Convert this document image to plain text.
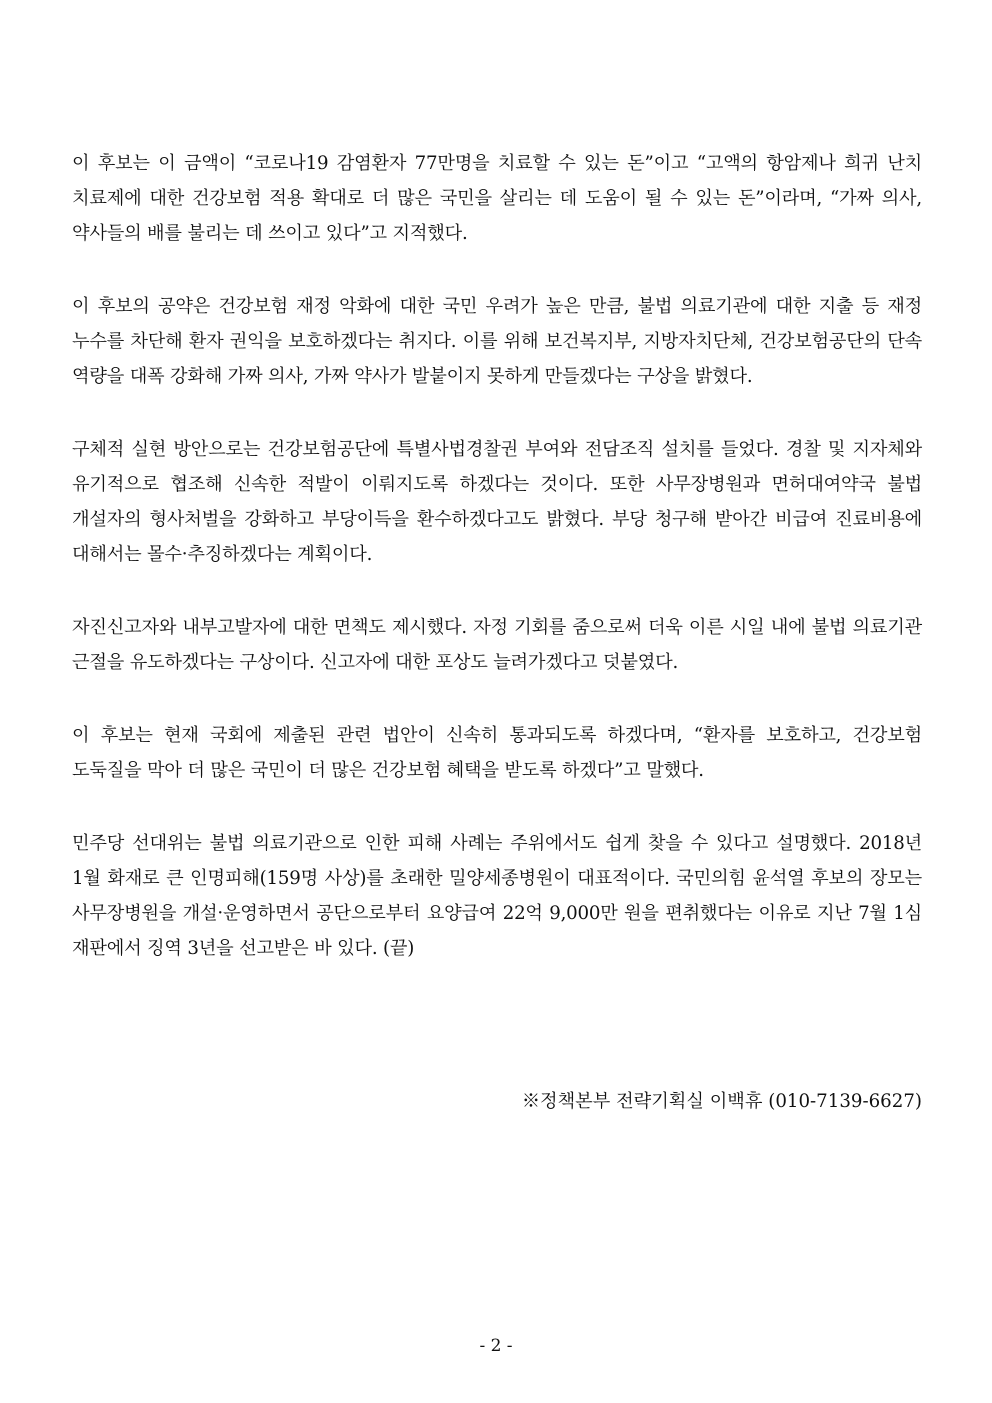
이 후보는 이 금액이 “코로나19 감염환자 77만명을 치료할 수 있는 돈”이고 “고액의 항암제나 희귀 난치 치료제에 대한 건강보험 적용 확대로 더 많은 국민을 살리는 데 도움이 될 수 있는 돈”이라며, “가짜 의사, 약사들의 배를 불리는 데 쓰이고 있다”고 지적했다.

이 후보의 공약은 건강보험 재정 악화에 대한 국민 우려가 높은 만큼, 불법 의료기관에 대한 지출 등 재정 누수를 차단해 환자 권익을 보호하겠다는 취지다. 이를 위해 보건복지부, 지방자치단체, 건강보험공단의 단속 역량을 대폭 강화해 가짜 의사, 가짜 약사가 발붙이지 못하게 만들겠다는 구상을 밝혔다.

구체적 실현 방안으로는 건강보험공단에 특별사법경찰권 부여와 전담조직 설치를 들었다. 경찰 및 지자체와 유기적으로 협조해 신속한 적발이 이뤄지도록 하겠다는 것이다. 또한 사무장병원과 면허대여약국 불법 개설자의 형사처벌을 강화하고 부당이득을 환수하겠다고도 밝혔다. 부당 청구해 받아간 비급여 진료비용에 대해서는 몰수·추징하겠다는 계획이다.

자진신고자와 내부고발자에 대한 면책도 제시했다. 자정 기회를 줌으로써 더욱 이른 시일 내에 불법 의료기관 근절을 유도하겠다는 구상이다. 신고자에 대한 포상도 늘려가겠다고 덧붙였다.

이 후보는 현재 국회에 제출된 관련 법안이 신속히 통과되도록 하겠다며, “환자를 보호하고, 건강보험 도둑질을 막아 더 많은 국민이 더 많은 건강보험 혜택을 받도록 하겠다”고 말했다.

민주당 선대위는 불법 의료기관으로 인한 피해 사례는 주위에서도 쉽게 찾을 수 있다고 설명했다. 2018년 1월 화재로 큰 인명피해(159명 사상)를 초래한 밀양세종병원이 대표적이다. 국민의힘 윤석열 후보의 장모는 사무장병원을 개설·운영하면서 공단으로부터 요양급여 22억 9,000만 원을 편취했다는 이유로 지난 7월 1심 재판에서 징역 3년을 선고받은 바 있다. (끝)

※정책본부 전략기획실 이백휴 (010-7139-6627)
- 2 -
